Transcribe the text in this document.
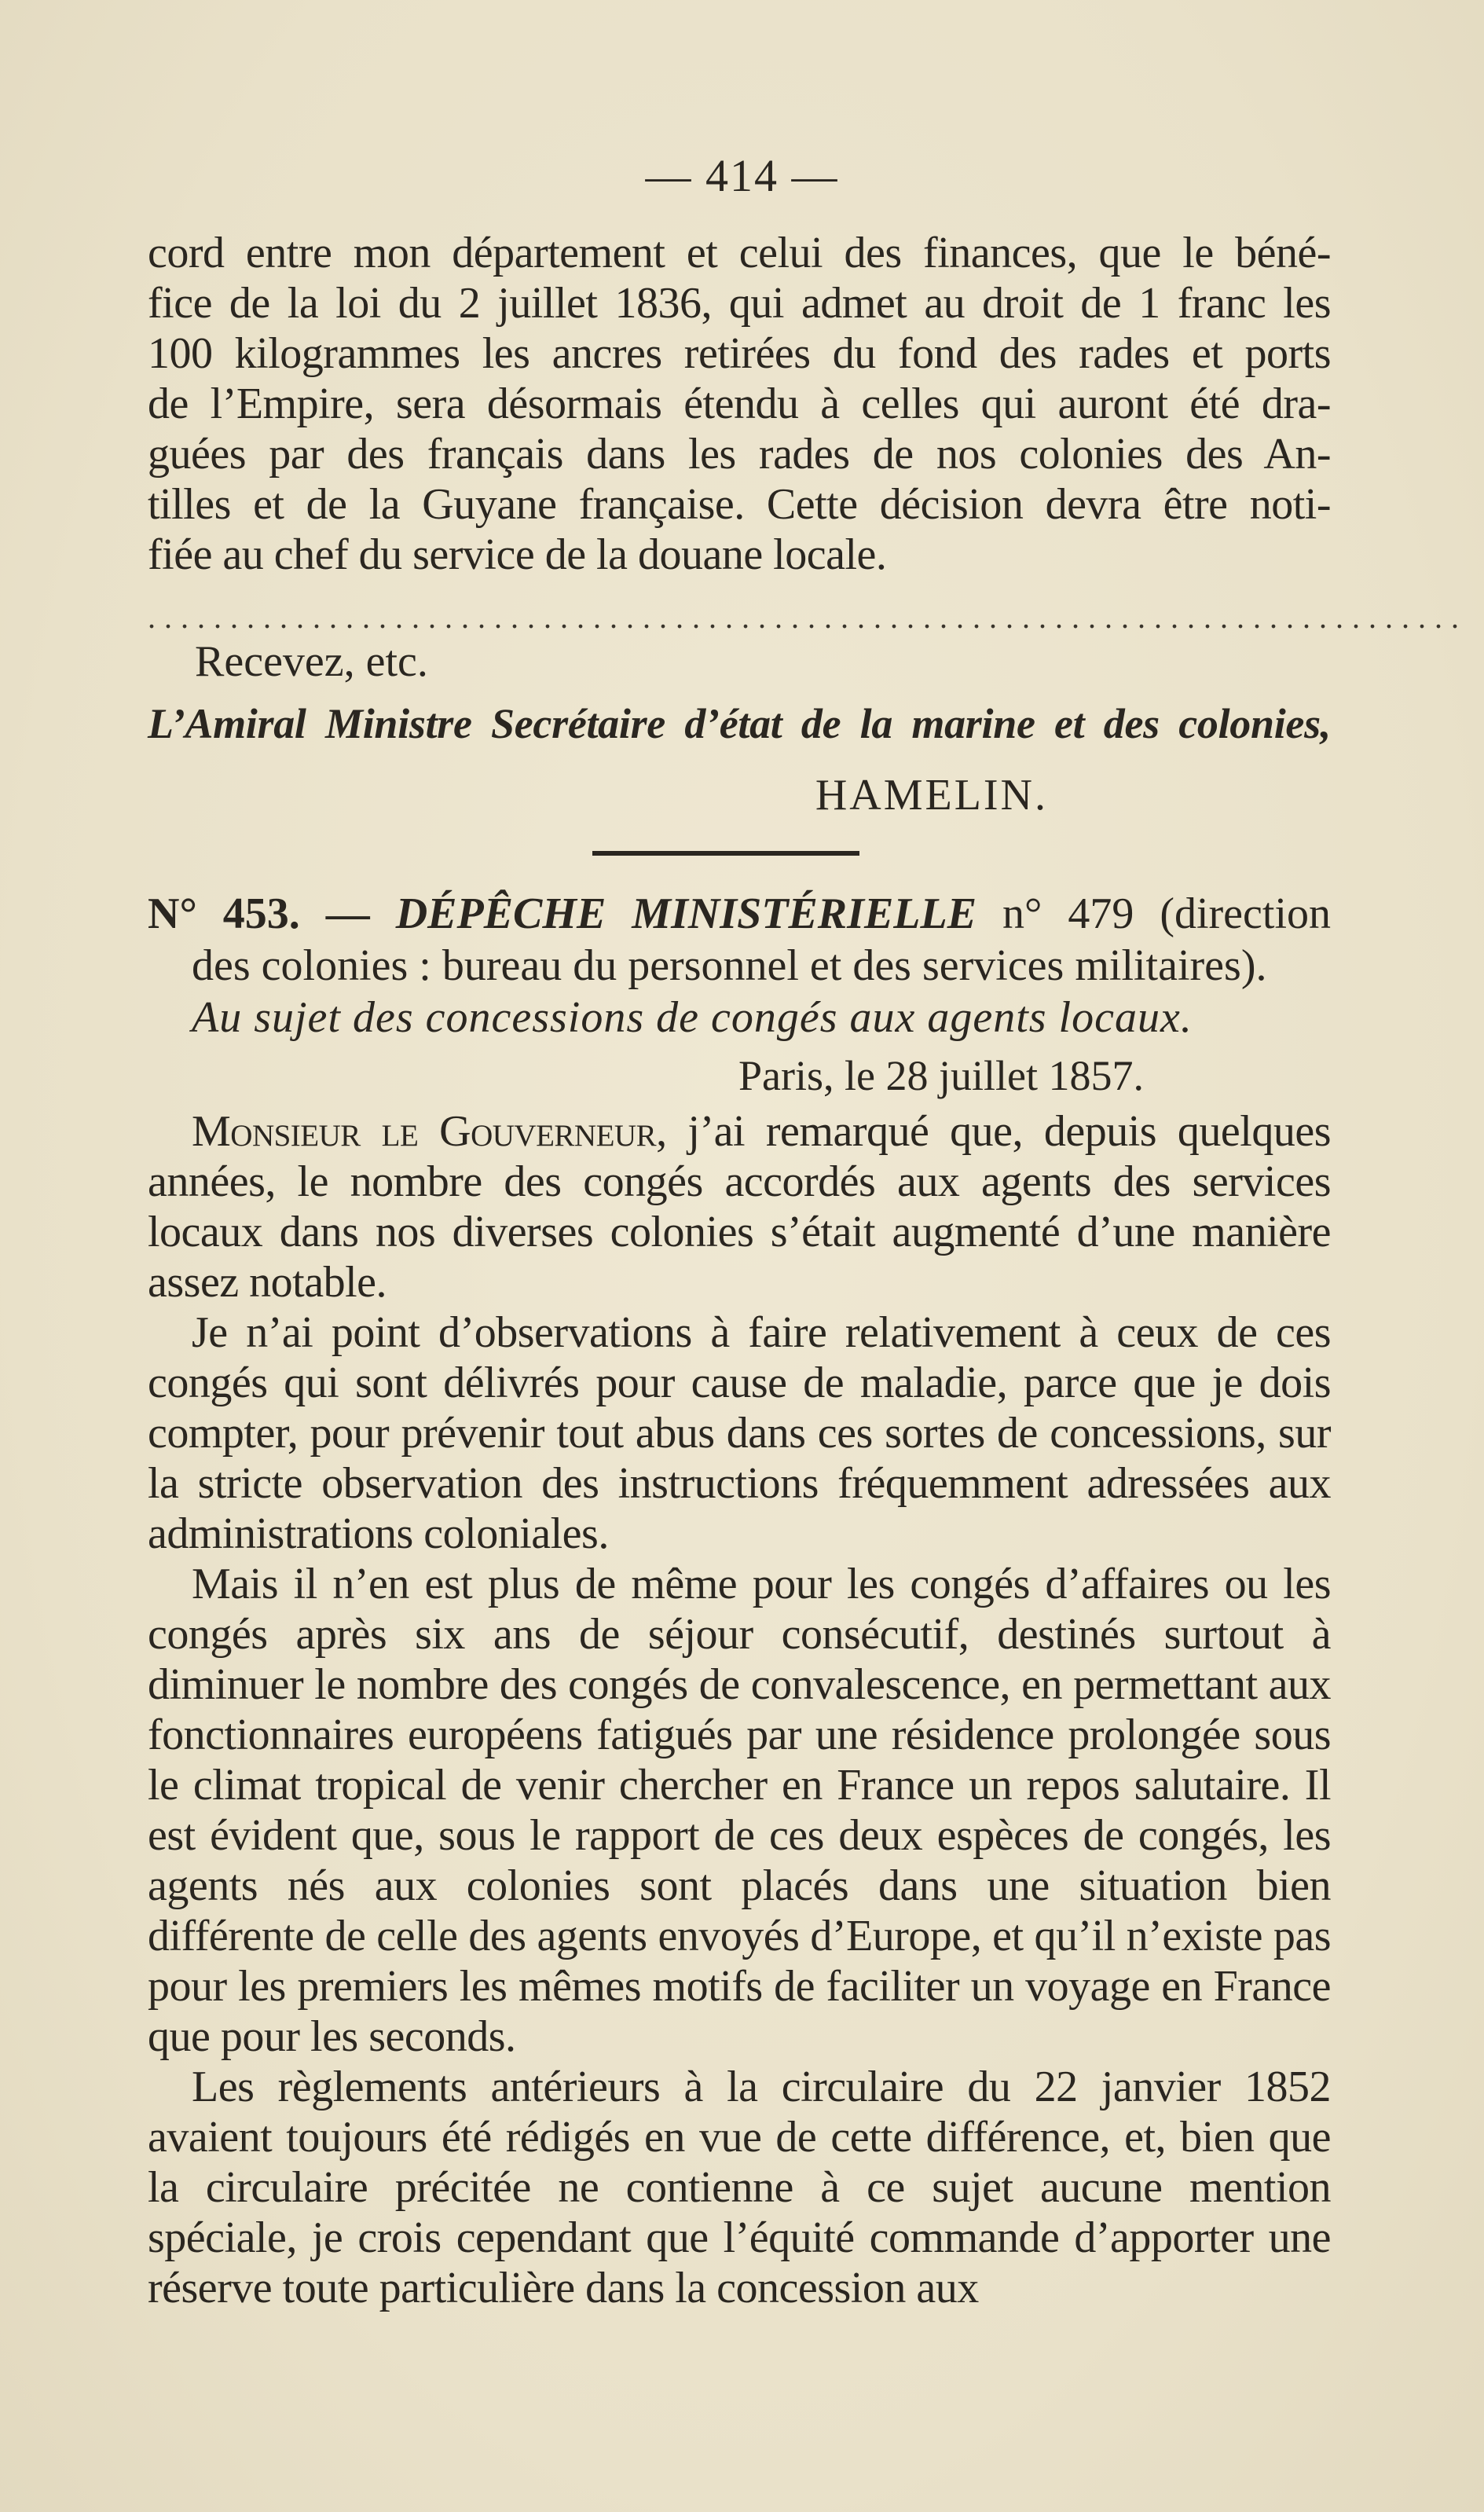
— 414 —
cord entre mon département et celui des finances, que le béné-
fice de la loi du 2 juillet 1836, qui admet au droit de 1 franc les
100 kilogrammes les ancres retirées du fond des rades et ports
de l’Empire, sera désormais étendu à celles qui auront été dra-
guées par des français dans les rades de nos colonies des An-
tilles et de la Guyane française. Cette décision devra être noti-
fiée au chef du service de la douane locale.
................................................................................
Recevez, etc.
L’Amiral Ministre Secrétaire d’état de la marine et des colonies,
HAMELIN.
N° 453. — DÉPÊCHE MINISTÉRIELLE n° 479 (direction
des colonies : bureau du personnel et des services militaires).
Au sujet des concessions de congés aux agents locaux.
Paris, le 28 juillet 1857.

Monsieur le Gouverneur, j’ai remarqué que, depuis quelques années, le nombre des congés accordés aux agents des services locaux dans nos diverses colonies s’était augmenté d’une manière assez notable.

Je n’ai point d’observations à faire relativement à ceux de ces congés qui sont délivrés pour cause de maladie, parce que je dois compter, pour prévenir tout abus dans ces sortes de concessions, sur la stricte observation des instructions fréquemment adressées aux administrations coloniales.

Mais il n’en est plus de même pour les congés d’affaires ou les congés après six ans de séjour consécutif, destinés surtout à diminuer le nombre des congés de convalescence, en permettant aux fonctionnaires européens fatigués par une résidence prolongée sous le climat tropical de venir chercher en France un repos salutaire. Il est évident que, sous le rapport de ces deux espèces de congés, les agents nés aux colonies sont placés dans une situation bien différente de celle des agents envoyés d’Europe, et qu’il n’existe pas pour les premiers les mêmes motifs de faciliter un voyage en France que pour les seconds.

Les règlements antérieurs à la circulaire du 22 janvier 1852 avaient toujours été rédigés en vue de cette différence, et, bien que la circulaire précitée ne contienne à ce sujet aucune mention spéciale, je crois cependant que l’équité commande d’apporter une réserve toute particulière dans la concession aux
